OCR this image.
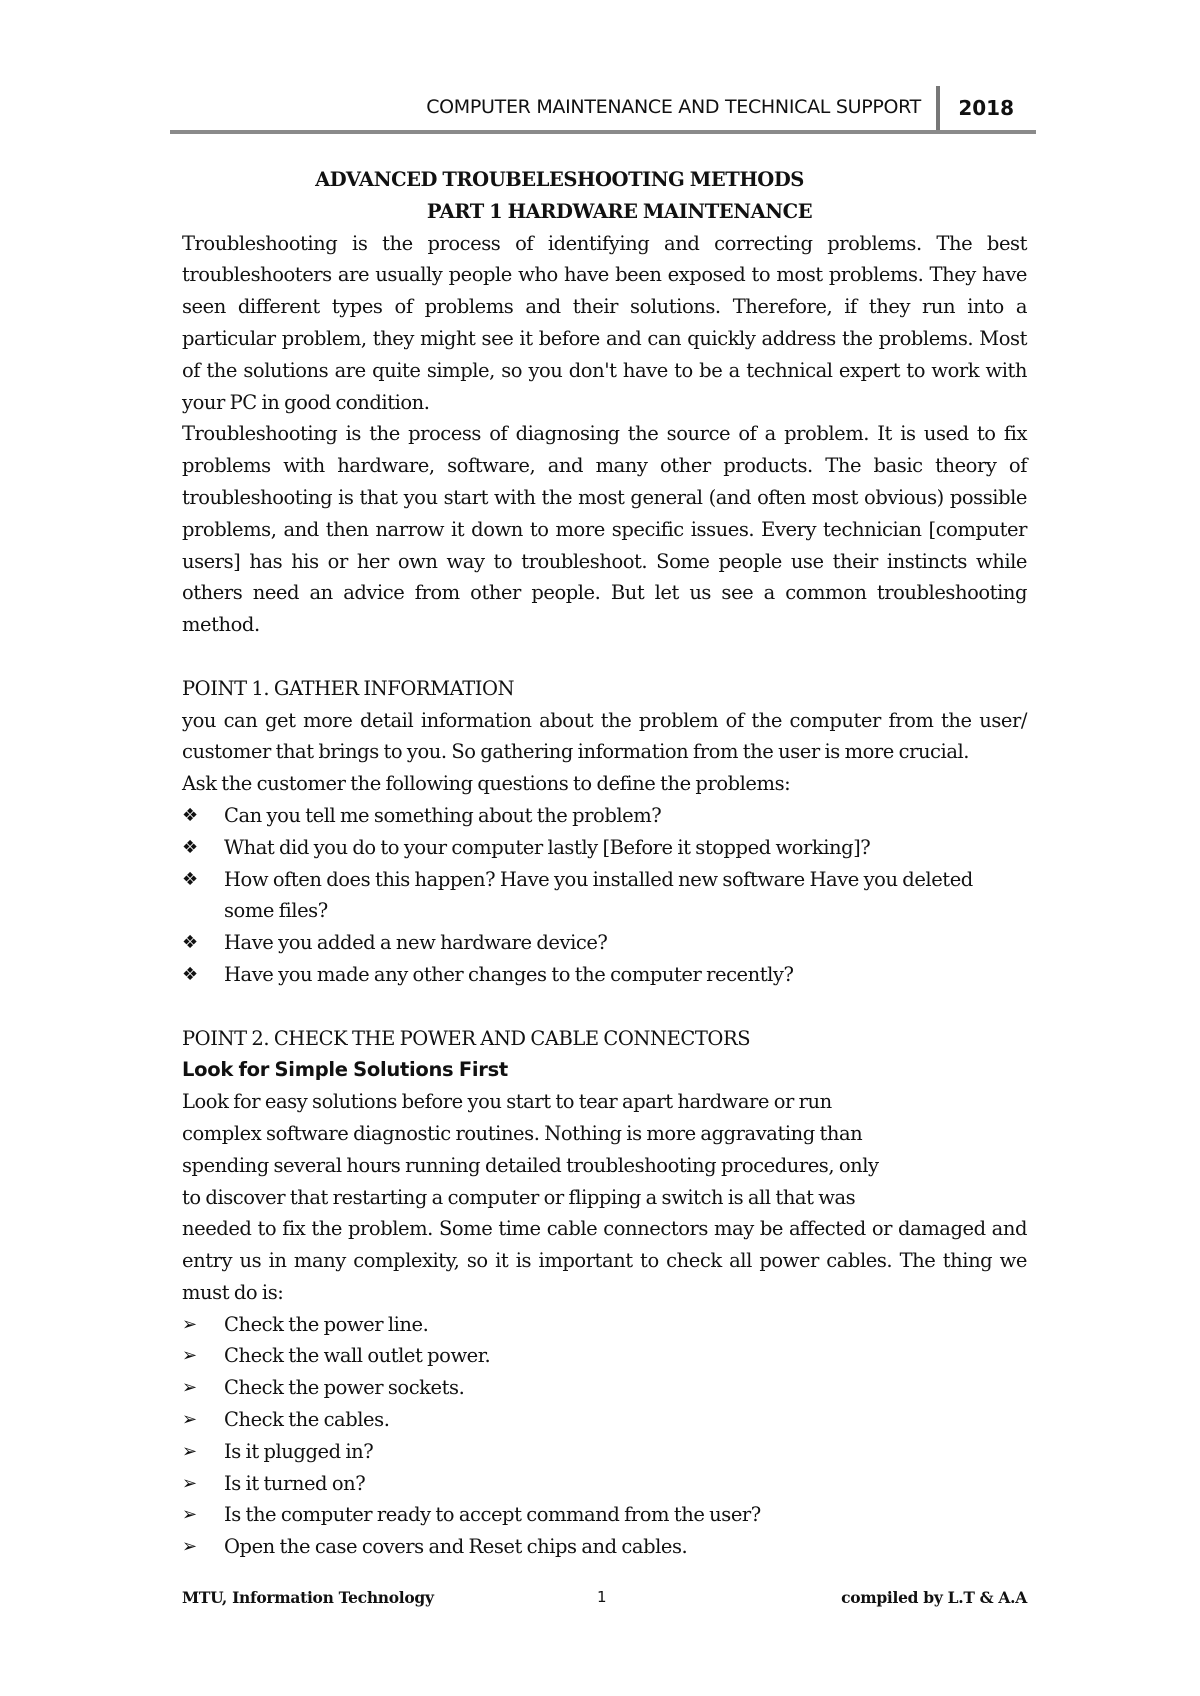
COMPUTER MAINTENANCE AND TECHNICAL SUPPORT 2018

ADVANCED TROUBELESHOOTING METHODS

PART 1 HARDWARE MAINTENANCE

Troubleshooting is the process of identifying and correcting problems. The best troubleshooters are usually people who have been exposed to most problems. They have seen different types of problems and their solutions. Therefore, if they run into a particular problem, they might see it before and can quickly address the problems. Most of the solutions are quite simple, so you don't have to be a technical expert to work with your PC in good condition.

Troubleshooting is the process of diagnosing the source of a problem. It is used to fix problems with hardware, software, and many other products. The basic theory of troubleshooting is that you start with the most general (and often most obvious) possible problems, and then narrow it down to more specific issues. Every technician [computer users] has his or her own way to troubleshoot. Some people use their instincts while others need an advice from other people. But let us see a common troubleshooting method.

POINT 1. GATHER INFORMATION

you can get more detail information about the problem of the computer from the user/ customer that brings to you. So gathering information from the user is more crucial.

Ask the customer the following questions to define the problems:

❖ Can you tell me something about the problem?
❖ What did you do to your computer lastly [Before it stopped working]?
❖ How often does this happen? Have you installed new software Have you deleted some files?
❖ Have you added a new hardware device?
❖ Have you made any other changes to the computer recently?

POINT 2. CHECK THE POWER AND CABLE CONNECTORS

Look for Simple Solutions First

Look for easy solutions before you start to tear apart hardware or run

complex software diagnostic routines. Nothing is more aggravating than

spending several hours running detailed troubleshooting procedures, only

to discover that restarting a computer or flipping a switch is all that was

needed to fix the problem. Some time cable connectors may be affected or damaged and entry us in many complexity, so it is important to check all power cables. The thing we must do is:

➢ Check the power line.
➢ Check the wall outlet power.
➢ Check the power sockets.
➢ Check the cables.
➢ Is it plugged in?
➢ Is it turned on?
➢ Is the computer ready to accept command from the user?
➢ Open the case covers and Reset chips and cables.
MTU, Information Technology	1	compiled by L.T & A.A
